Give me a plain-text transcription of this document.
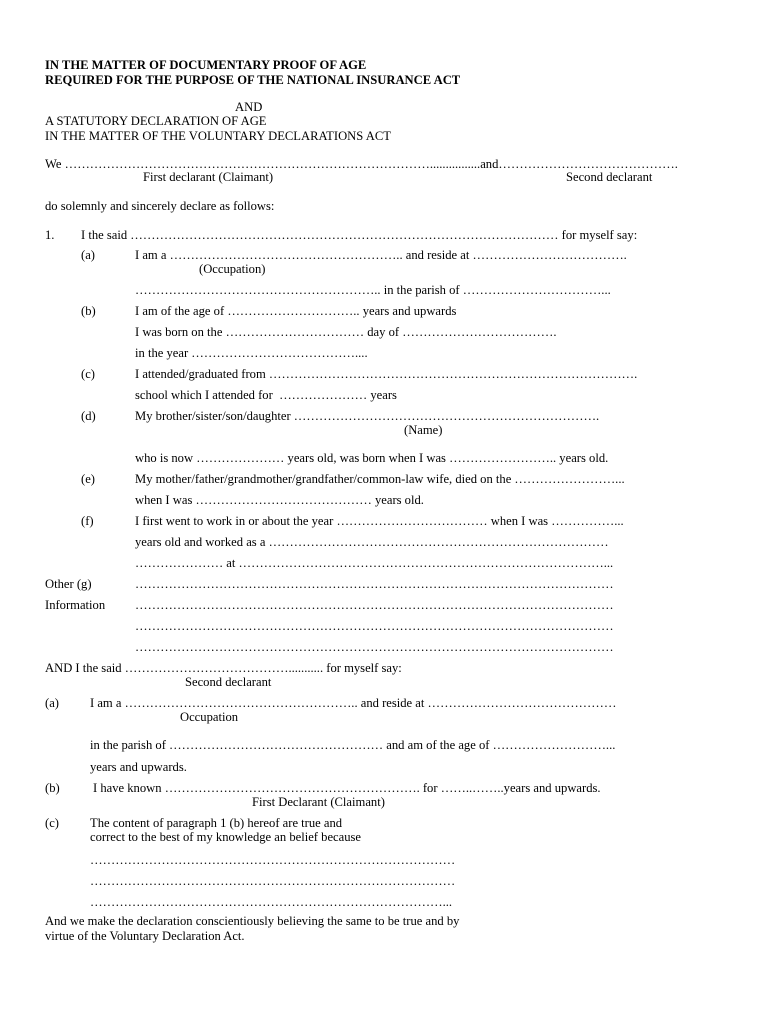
IN THE MATTER OF DOCUMENTARY PROOF OF AGE
REQUIRED FOR THE PURPOSE OF THE NATIONAL INSURANCE ACT
AND
A STATUTORY DECLARATION OF AGE
IN THE MATTER OF THE VOLUNTARY DECLARATIONS ACT
We ……………………………………………………………………………................and…………………………………….
First declarant (Claimant)	Second declarant
do solemnly and sincerely declare as follows:
1. I the said ………………………………………………………………………………………… for myself say:
(a)	I am a ……………………………………………….. and reside at ……………………………….
(Occupation)
………………………………………………….. in the parish of ……………………………...
(b)	I am of the age of ………………………….. years and upwards
I was born on the …………………………… day of ……………………………….
in the year …………………………………....
(c)	I attended/graduated from …………………………………………………………………………….
school which I attended for  ………………… years
(d)	My brother/sister/son/daughter ……………………………………………………………….
(Name)
who is now ………………… years old, was born when I was …………………….. years old.
(e)	My mother/father/grandmother/grandfather/common-law wife, died on the ……………………...
when I was …………………………………… years old.
(f)	I first went to work in or about the year ……………………………… when I was ……………...
years old and worked as a ………………………………………………………………………
………………… at ……………………………………………………………………………...
Other (g)	……………………………………………………………………………………………………
Information ……………………………………………………………………………………………………
……………………………………………………………………………………………………
……………………………………………………………………………………………………
AND I the said …………………………………........... for myself say:
Second declarant
(a) I am a ……………………………………………….. and reside at ………………………………………
Occupation
in the parish of …………………………………………… and am of the age of ………………………...
years and upwards.
(b)	I have known ……………………………………………………. for ……..……..years and upwards.
First Declarant (Claimant)
(c) The content of paragraph 1 (b) hereof are true and
correct to the best of my knowledge an belief because
……………………………………………………………………………
……………………………………………………………………………
…………………………………………………………………………...
And we make the declaration conscientiously believing the same to be true and by
virtue of the Voluntary Declaration Act.
